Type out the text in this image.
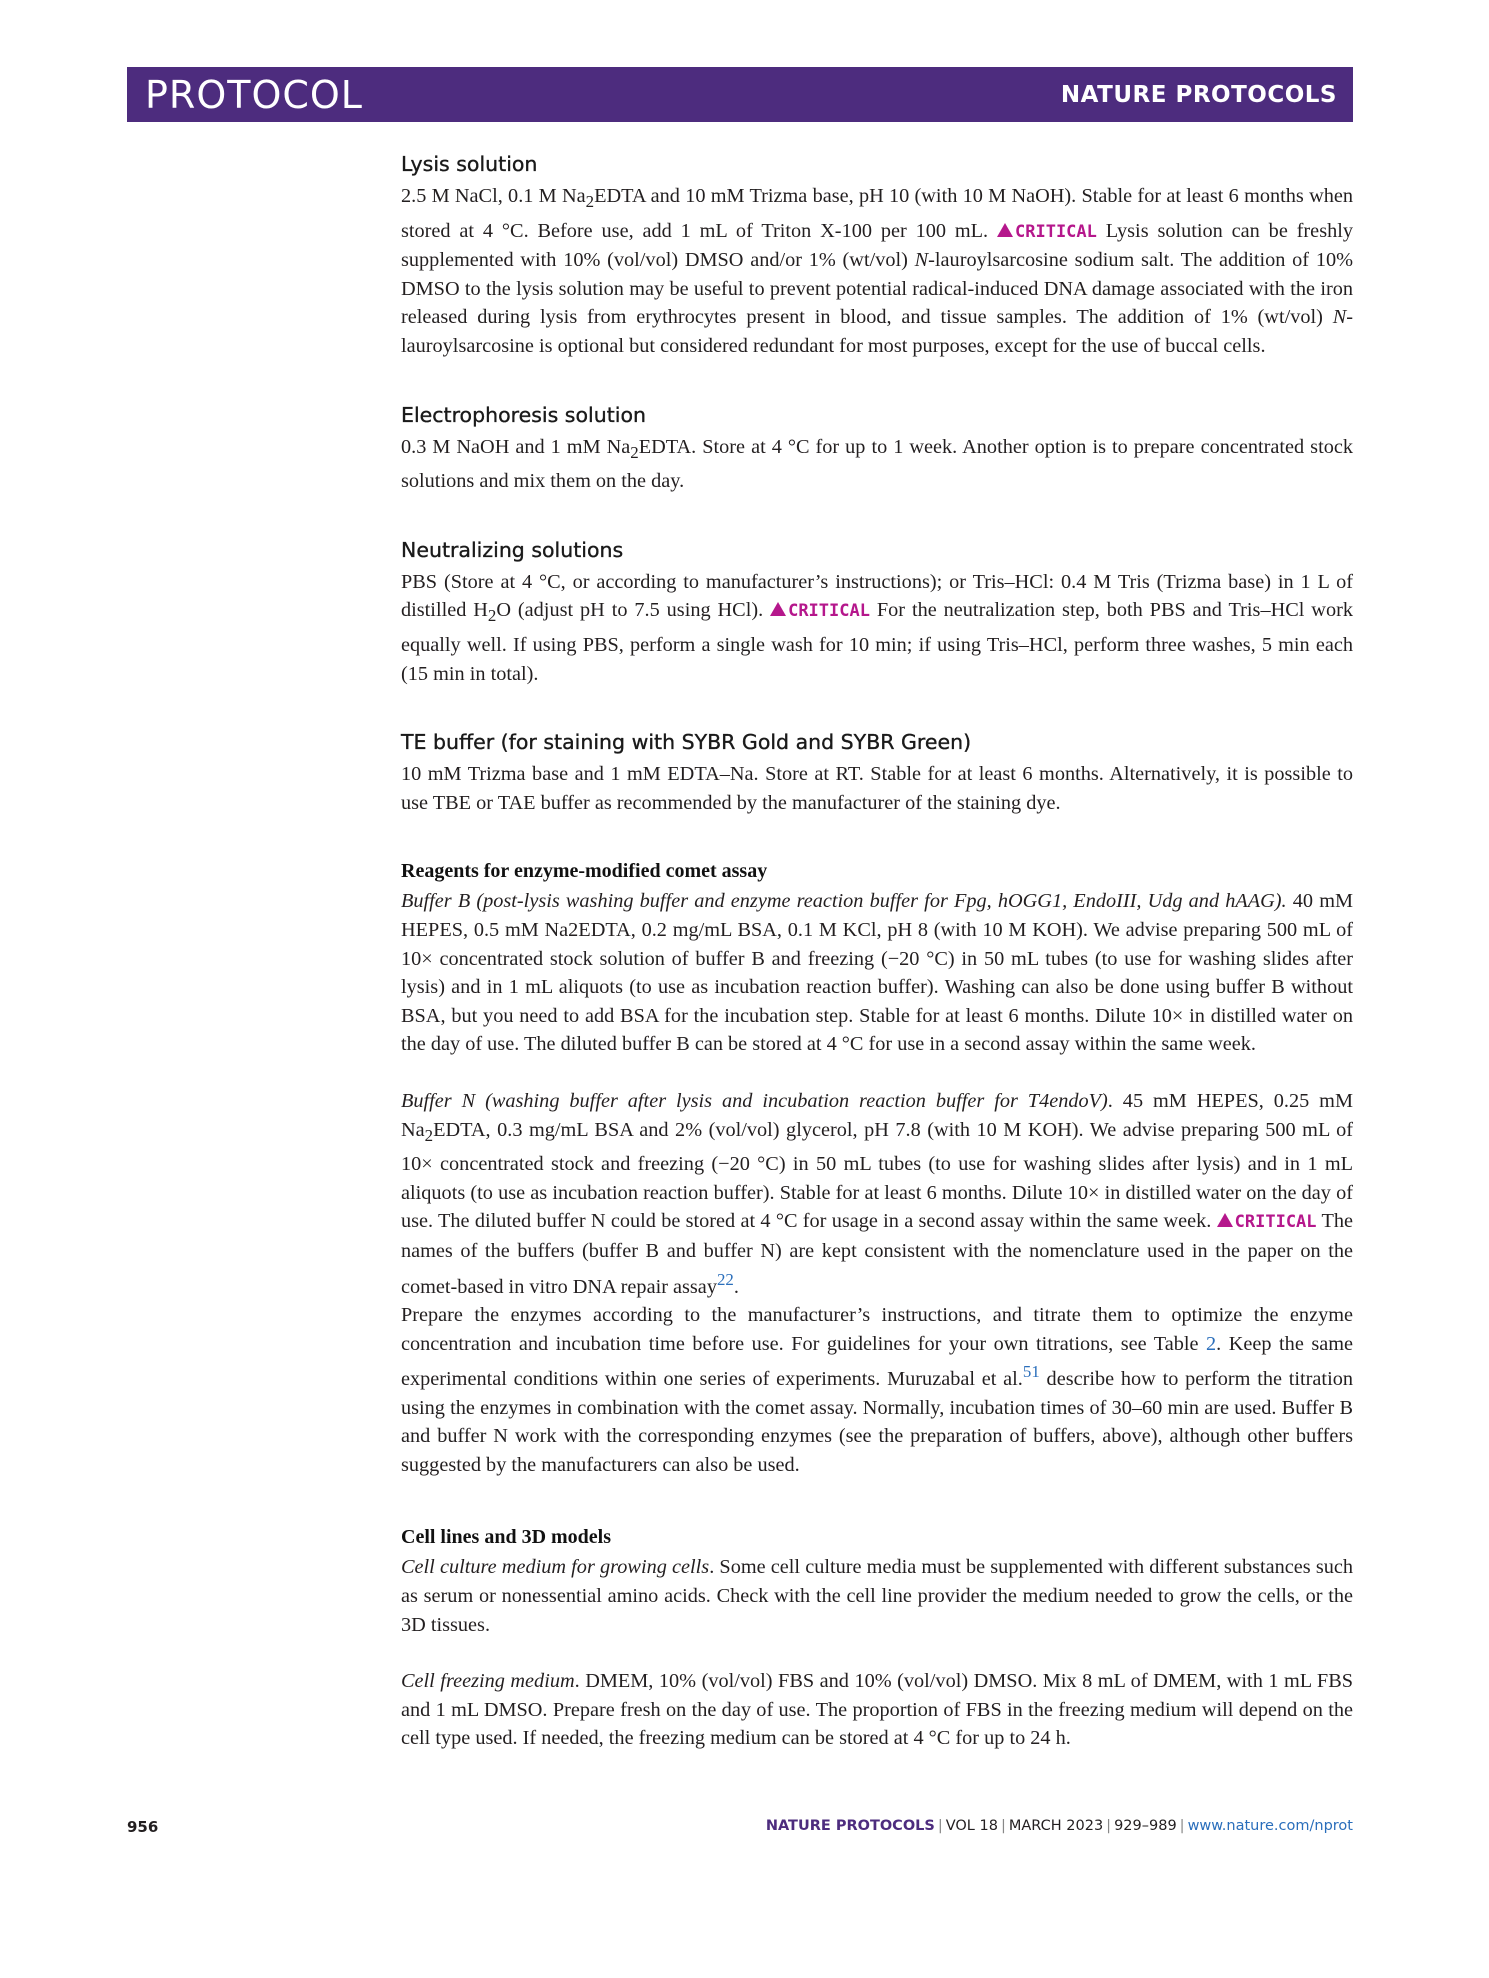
PROTOCOL	NATURE PROTOCOLS
Lysis solution

2.5 M NaCl, 0.1 M $Na_2EDTA$ and 10 mM Trizma base, pH 10 (with 10 M NaOH). Stable for at least 6 months when stored at 4 °C. Before use, add 1 mL of Triton X-100 per 100 mL. CRITICAL Lysis solution can be freshly supplemented with 10% (vol/vol) DMSO and/or 1% (wt/vol) N-lauroylsarcosine sodium salt. The addition of 10% DMSO to the lysis solution may be useful to prevent potential radical-induced DNA damage associated with the iron released during lysis from erythrocytes present in blood, and tissue samples. The addition of 1% (wt/vol) N-lauroylsarcosine is optional but considered redundant for most purposes, except for the use of buccal cells.

Electrophoresis solution

0.3 M NaOH and 1 mM $Na_2EDTA$. Store at 4 °C for up to 1 week. Another option is to prepare concentrated stock solutions and mix them on the day.

Neutralizing solutions

PBS (Store at 4 °C, or according to manufacturer’s instructions); or Tris–HCl: 0.4 M Tris (Trizma base) in 1 L of distilled $H_2O$ (adjust pH to 7.5 using HCl). CRITICAL For the neutralization step, both PBS and Tris–HCl work equally well. If using PBS, perform a single wash for 10 min; if using Tris–HCl, perform three washes, 5 min each (15 min in total).

TE buffer (for staining with SYBR Gold and SYBR Green)

10 mM Trizma base and 1 mM EDTA–Na. Store at RT. Stable for at least 6 months. Alternatively, it is possible to use TBE or TAE buffer as recommended by the manufacturer of the staining dye.

Reagents for enzyme-modified comet assay

Buffer B (post-lysis washing buffer and enzyme reaction buffer for Fpg, hOGG1, EndoIII, Udg and hAAG). 40 mM HEPES, 0.5 mM Na2EDTA, 0.2 mg/mL BSA, 0.1 M KCl, pH 8 (with 10 M KOH). We advise preparing 500 mL of 10× concentrated stock solution of buffer B and freezing (−20 °C) in 50 mL tubes (to use for washing slides after lysis) and in 1 mL aliquots (to use as incubation reaction buffer). Washing can also be done using buffer B without BSA, but you need to add BSA for the incubation step. Stable for at least 6 months. Dilute 10× in distilled water on the day of use. The diluted buffer B can be stored at 4 °C for use in a second assay within the same week.

Buffer N (washing buffer after lysis and incubation reaction buffer for T4endoV). 45 mM HEPES, 0.25 mM $Na_2EDTA$, 0.3 mg/mL BSA and 2% (vol/vol) glycerol, pH 7.8 (with 10 M KOH). We advise preparing 500 mL of 10× concentrated stock and freezing (−20 °C) in 50 mL tubes (to use for washing slides after lysis) and in 1 mL aliquots (to use as incubation reaction buffer). Stable for at least 6 months. Dilute 10× in distilled water on the day of use. The diluted buffer N could be stored at 4 °C for usage in a second assay within the same week. CRITICAL The names of the buffers (buffer B and buffer N) are kept consistent with the nomenclature used in the paper on the comet-based in vitro DNA repair assay$^{22}$.

Prepare the enzymes according to the manufacturer’s instructions, and titrate them to optimize the enzyme concentration and incubation time before use. For guidelines for your own titrations, see Table 2. Keep the same experimental conditions within one series of experiments. Muruzabal et al.$^{51}$ describe how to perform the titration using the enzymes in combination with the comet assay. Normally, incubation times of 30–60 min are used. Buffer B and buffer N work with the corresponding enzymes (see the preparation of buffers, above), although other buffers suggested by the manufacturers can also be used.

Cell lines and 3D models

Cell culture medium for growing cells. Some cell culture media must be supplemented with different substances such as serum or nonessential amino acids. Check with the cell line provider the medium needed to grow the cells, or the 3D tissues.

Cell freezing medium. DMEM, 10% (vol/vol) FBS and 10% (vol/vol) DMSO. Mix 8 mL of DMEM, with 1 mL FBS and 1 mL DMSO. Prepare fresh on the day of use. The proportion of FBS in the freezing medium will depend on the cell type used. If needed, the freezing medium can be stored at 4 °C for up to 24 h.

956	NATURE PROTOCOLS | VOL 18 | MARCH 2023 | 929–989 | www.nature.com/nprot
